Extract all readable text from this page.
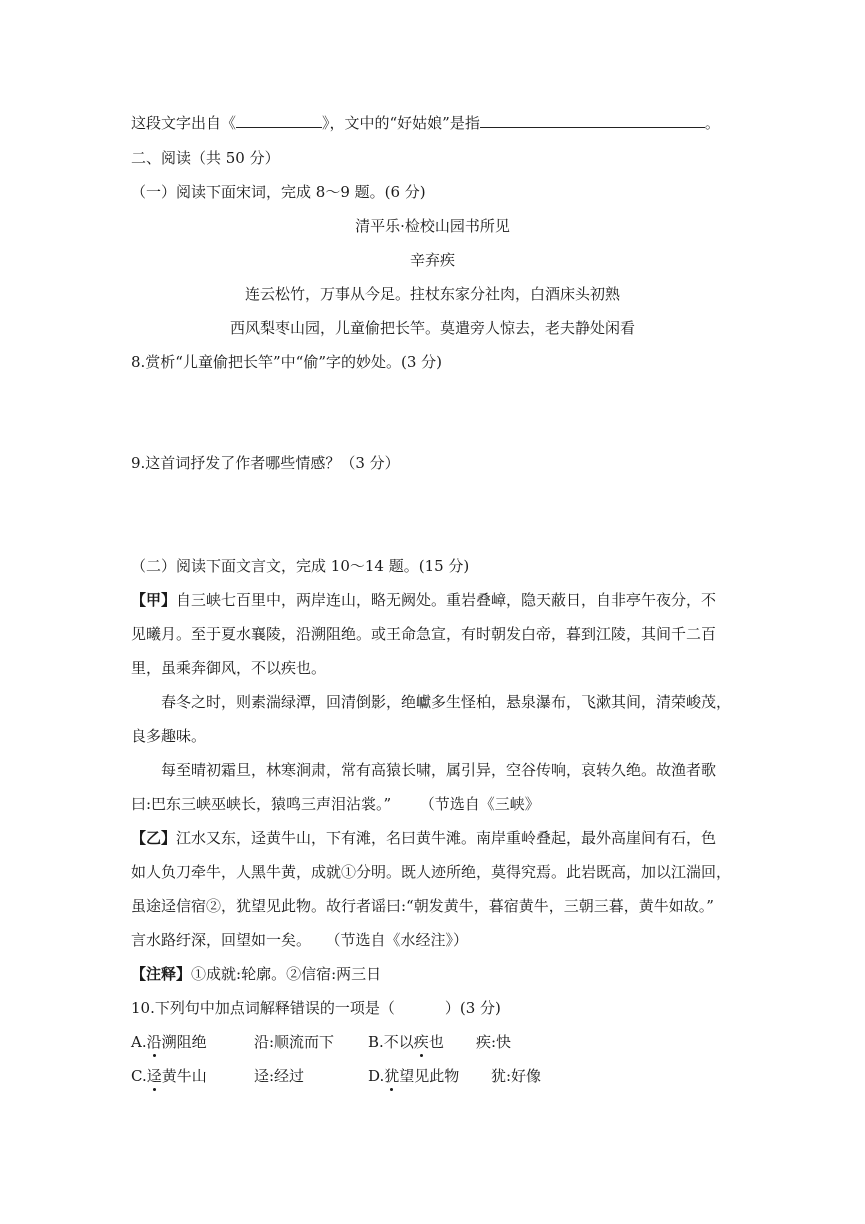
这段文字出自《	》，文中的“好姑娘”是指	。
二、阅读（共 50 分）
（一）阅读下面宋词，完成 8～9 题。(6 分)
清平乐·检校山园书所见
辛弃疾
连云松竹，万事从今足。拄杖东家分社肉，白酒床头初熟
西风梨枣山园，儿童偷把长竿。莫遣旁人惊去，老夫静处闲看
8.赏析“儿童偷把长竿”中“偷”字的妙处。(3 分)
9.这首词抒发了作者哪些情感？（3 分）
（二）阅读下面文言文，完成 10～14 题。(15 分)
【甲】自三峡七百里中，两岸连山，略无阙处。重岩叠嶂，隐天蔽日，自非亭午夜分，不
见曦月。至于夏水襄陵，沿溯阻绝。或王命急宣，有时朝发白帝，暮到江陵，其间千二百
里，虽乘奔御风，不以疾也。
春冬之时，则素湍绿潭，回清倒影，绝巘多生怪柏，悬泉瀑布，飞漱其间，清荣峻茂，
良多趣味。
每至晴初霜旦，林寒涧肃，常有高猿长啸，属引异，空谷传响，哀转久绝。故渔者歌
曰:巴东三峡巫峡长，猿鸣三声泪沾裳。” （节选自《三峡》
【乙】江水又东，迳黄牛山，下有滩，名曰黄牛滩。南岸重岭叠起，最外高崖间有石，色
如人负刀牵牛，人黑牛黄，成就①分明。既人迹所绝，莫得究焉。此岩既高，加以江湍回，
虽途迳信宿②，犹望见此物。故行者谣曰:“朝发黄牛，暮宿黄牛，三朝三暮，黄牛如故。”
言水路纡深，回望如一矣。 （节选自《水经注》）
【注释】①成就:轮廓。②信宿:两三日
10.下列句中加点词解释错误的一项是（	）(3 分)
A.沿溯阻绝	沿:顺流而下 B.不以疾也 疾:快
C.迳黄牛山	迳:经过	D.犹望见此物 犹:好像
